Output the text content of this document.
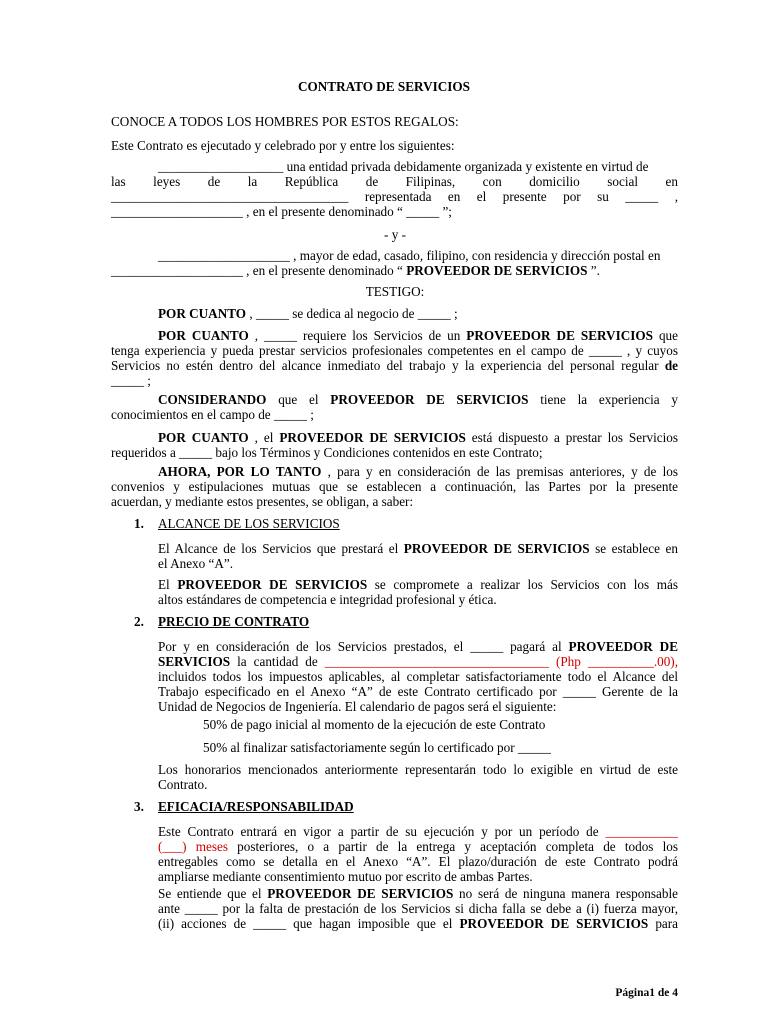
CONTRATO DE SERVICIOS
CONOCE A TODOS LOS HOMBRES POR ESTOS REGALOS:
Este Contrato es ejecutado y celebrado por y entre los siguientes:
___________________ una entidad privada debidamente organizada y existente en virtud de
las leyes de la República de Filipinas, con domicilio social en
____________________________________ representada en el presente por su _____ ,
____________________ , en el presente denominado “ _____ ”;
- y -
____________________ , mayor de edad, casado, filipino, con residencia y dirección postal en
____________________ , en el presente denominado “ PROVEEDOR DE SERVICIOS ”.
TESTIGO:
POR CUANTO , _____ se dedica al negocio de _____ ;
POR CUANTO , _____ requiere los Servicios de un PROVEEDOR DE SERVICIOS que
tenga experiencia y pueda prestar servicios profesionales competentes en el campo de _____ , y cuyos
Servicios no estén dentro del alcance inmediato del trabajo y la experiencia del personal regular de
_____ ;
CONSIDERANDO que el PROVEEDOR DE SERVICIOS tiene la experiencia y
conocimientos en el campo de _____ ;
POR CUANTO , el PROVEEDOR DE SERVICIOS está dispuesto a prestar los Servicios
requeridos a _____ bajo los Términos y Condiciones contenidos en este Contrato;
AHORA, POR LO TANTO , para y en consideración de las premisas anteriores, y de los
convenios y estipulaciones mutuas que se establecen a continuación, las Partes por la presente
acuerdan, y mediante estos presentes, se obligan, a saber:
1. ALCANCE DE LOS SERVICIOS
El Alcance de los Servicios que prestará el PROVEEDOR DE SERVICIOS se establece en
el Anexo “A”.
El PROVEEDOR DE SERVICIOS se compromete a realizar los Servicios con los más
altos estándares de competencia e integridad profesional y ética.
2. PRECIO DE CONTRATO
Por y en consideración de los Servicios prestados, el _____ pagará al PROVEEDOR DE
SERVICIOS la cantidad de __________________________________ (Php __________.00),
incluidos todos los impuestos aplicables, al completar satisfactoriamente todo el Alcance del
Trabajo especificado en el Anexo “A” de este Contrato certificado por _____ Gerente de la
Unidad de Negocios de Ingeniería. El calendario de pagos será el siguiente:
50% de pago inicial al momento de la ejecución de este Contrato
50% al finalizar satisfactoriamente según lo certificado por _____
Los honorarios mencionados anteriormente representarán todo lo exigible en virtud de este
Contrato.
3. EFICACIA/RESPONSABILIDAD
Este Contrato entrará en vigor a partir de su ejecución y por un período de ___________
(___) meses posteriores, o a partir de la entrega y aceptación completa de todos los
entregables como se detalla en el Anexo “A”. El plazo/duración de este Contrato podrá
ampliarse mediante consentimiento mutuo por escrito de ambas Partes.
Se entiende que el PROVEEDOR DE SERVICIOS no será de ninguna manera responsable
ante _____ por la falta de prestación de los Servicios si dicha falla se debe a (i) fuerza mayor,
(ii) acciones de _____ que hagan imposible que el PROVEEDOR DE SERVICIOS para
Página1 de 4
